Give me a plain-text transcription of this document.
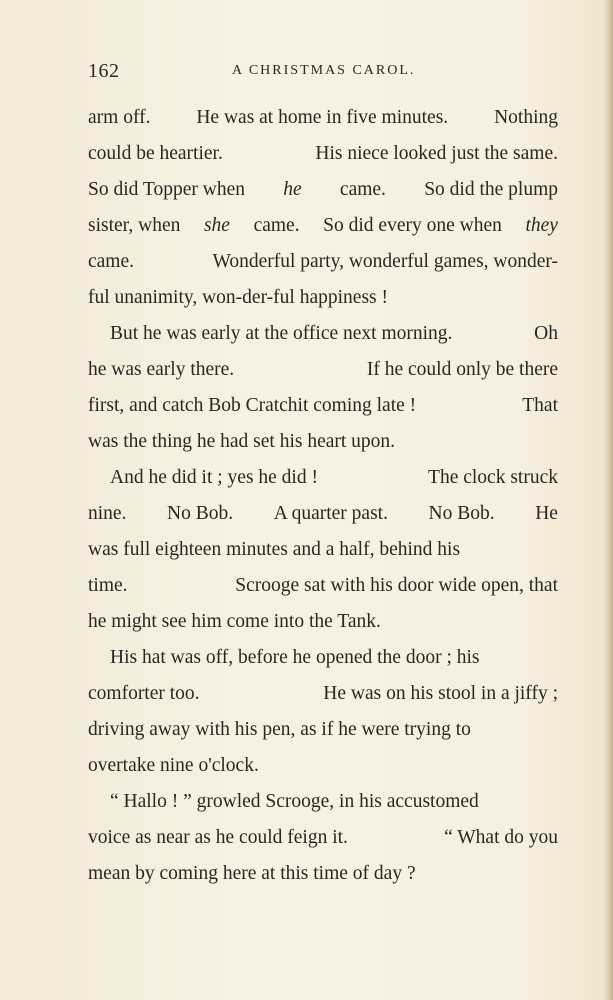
162	A CHRISTMAS CAROL.
arm off. He was at home in five minutes. Nothing
could be heartier.	His niece looked just the same.
So did Topper when he came. So did the plump
sister, when she came. So did every one when they
came.	Wonderful party, wonderful games, wonder-
ful unanimity, won-der-ful happiness !
But he was early at the office next morning.	Oh
he was early there.	If he could only be there
first, and catch Bob Cratchit coming late !	That
was the thing he had set his heart upon.
And he did it ; yes he did !	The clock struck
nine. No Bob. A quarter past. No Bob. He
was full eighteen minutes and a half, behind his
time.	Scrooge sat with his door wide open, that
he might see him come into the Tank.
His hat was off, before he opened the door ; his
comforter too.	He was on his stool in a jiffy ;
driving away with his pen, as if he were trying to
overtake nine o'clock.
“ Hallo ! ” growled Scrooge, in his accustomed
voice as near as he could feign it.	“ What do you
mean by coming here at this time of day ?
